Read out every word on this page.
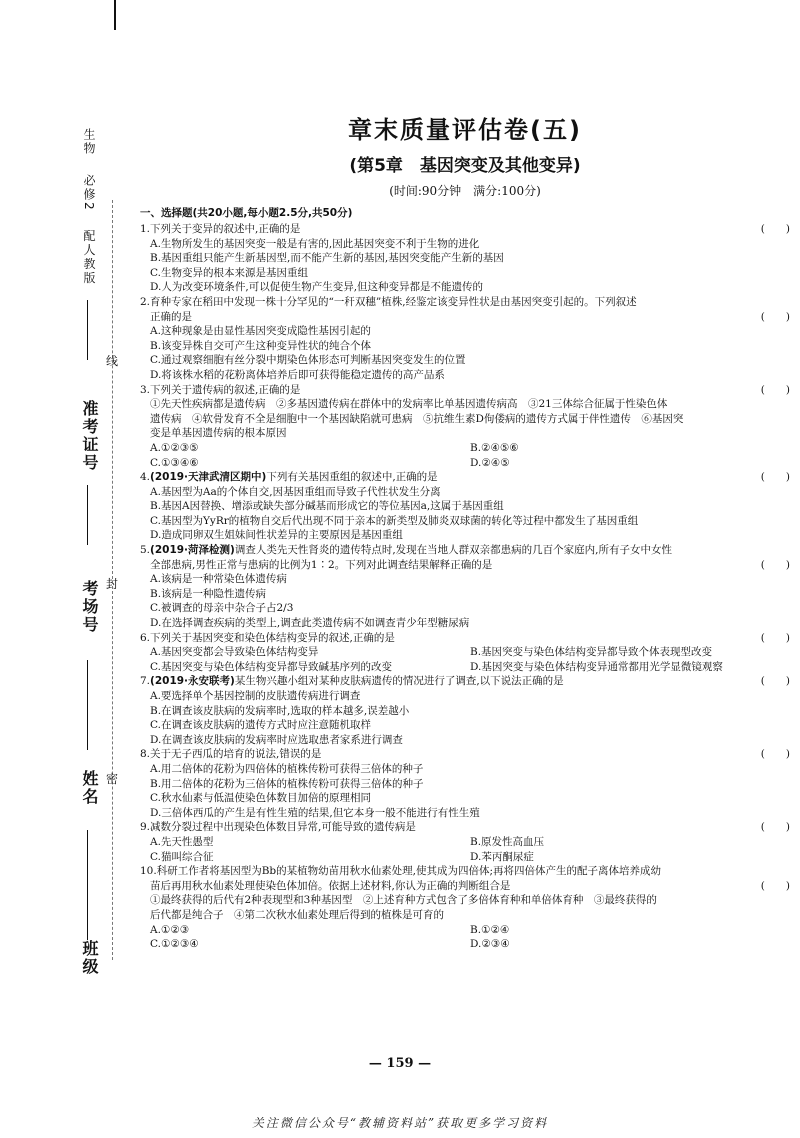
生物　必修2　配人教版
准考证号
考场号
姓名
班级
线
封
密
章末质量评估卷(五)
(第5章　基因突变及其他变异)
(时间:90分钟　满分:100分)
一、选择题(共20小题,每小题2.5分,共50分)
1.下列关于变异的叙述中,正确的是	(　　)
A.生物所发生的基因突变一般是有害的,因此基因突变不利于生物的进化
B.基因重组只能产生新基因型,而不能产生新的基因,基因突变能产生新的基因
C.生物变异的根本来源是基因重组
D.人为改变环境条件,可以促使生物产生变异,但这种变异都是不能遗传的
2.育种专家在稻田中发现一株十分罕见的“一秆双穗”植株,经鉴定该变异性状是由基因突变引起的。下列叙述
正确的是	(　　)
A.这种现象是由显性基因突变成隐性基因引起的
B.该变异株自交可产生这种变异性状的纯合个体
C.通过观察细胞有丝分裂中期染色体形态可判断基因突变发生的位置
D.将该株水稻的花粉离体培养后即可获得能稳定遗传的高产品系
3.下列关于遗传病的叙述,正确的是	(　　)
①先天性疾病都是遗传病　②多基因遗传病在群体中的发病率比单基因遗传病高　③21三体综合征属于性染色体
遗传病　④软骨发育不全是细胞中一个基因缺陷就可患病　⑤抗维生素D佝偻病的遗传方式属于伴性遗传　⑥基因突
变是单基因遗传病的根本原因
A.①②③⑤	B.②④⑤⑥
C.①③④⑥	D.②④⑤
4.(2019·天津武清区期中)下列有关基因重组的叙述中,正确的是	(　　)
A.基因型为Aa的个体自交,因基因重组而导致子代性状发生分离
B.基因A因替换、增添或缺失部分碱基而形成它的等位基因a,这属于基因重组
C.基因型为YyRr的植物自交后代出现不同于亲本的新类型及肺炎双球菌的转化等过程中都发生了基因重组
D.造成同卵双生姐妹间性状差异的主要原因是基因重组
5.(2019·菏泽检测)调查人类先天性肾炎的遗传特点时,发现在当地人群双亲都患病的几百个家庭内,所有子女中女性
全部患病,男性正常与患病的比例为1∶2。下列对此调查结果解释正确的是	(　　)
A.该病是一种常染色体遗传病
B.该病是一种隐性遗传病
C.被调查的母亲中杂合子占2/3
D.在选择调查疾病的类型上,调查此类遗传病不如调查青少年型糖尿病
6.下列关于基因突变和染色体结构变异的叙述,正确的是	(　　)
A.基因突变都会导致染色体结构变异	B.基因突变与染色体结构变异都导致个体表现型改变
C.基因突变与染色体结构变异都导致碱基序列的改变	D.基因突变与染色体结构变异通常都用光学显微镜观察
7.(2019·永安联考)某生物兴趣小组对某种皮肤病遗传的情况进行了调查,以下说法正确的是	(　　)
A.要选择单个基因控制的皮肤遗传病进行调查
B.在调查该皮肤病的发病率时,选取的样本越多,误差越小
C.在调查该皮肤病的遗传方式时应注意随机取样
D.在调查该皮肤病的发病率时应选取患者家系进行调查
8.关于无子西瓜的培育的说法,错误的是	(　　)
A.用二倍体的花粉为四倍体的植株传粉可获得三倍体的种子
B.用二倍体的花粉为三倍体的植株传粉可获得三倍体的种子
C.秋水仙素与低温使染色体数目加倍的原理相同
D.三倍体西瓜的产生是有性生殖的结果,但它本身一般不能进行有性生殖
9.减数分裂过程中出现染色体数目异常,可能导致的遗传病是	(　　)
A.先天性愚型	B.原发性高血压
C.猫叫综合征	D.苯丙酮尿症
10.科研工作者将基因型为Bb的某植物幼苗用秋水仙素处理,使其成为四倍体;再将四倍体产生的配子离体培养成幼
苗后再用秋水仙素处理使染色体加倍。依据上述材料,你认为正确的判断组合是	(　　)
①最终获得的后代有2种表现型和3种基因型　②上述育种方式包含了多倍体育种和单倍体育种　③最终获得的
后代都是纯合子　④第二次秋水仙素处理后得到的植株是可育的
A.①②③	B.①②④
C.①②③④	D.②③④
— 159 —
关注微信公众号“教辅资料站”获取更多学习资料
